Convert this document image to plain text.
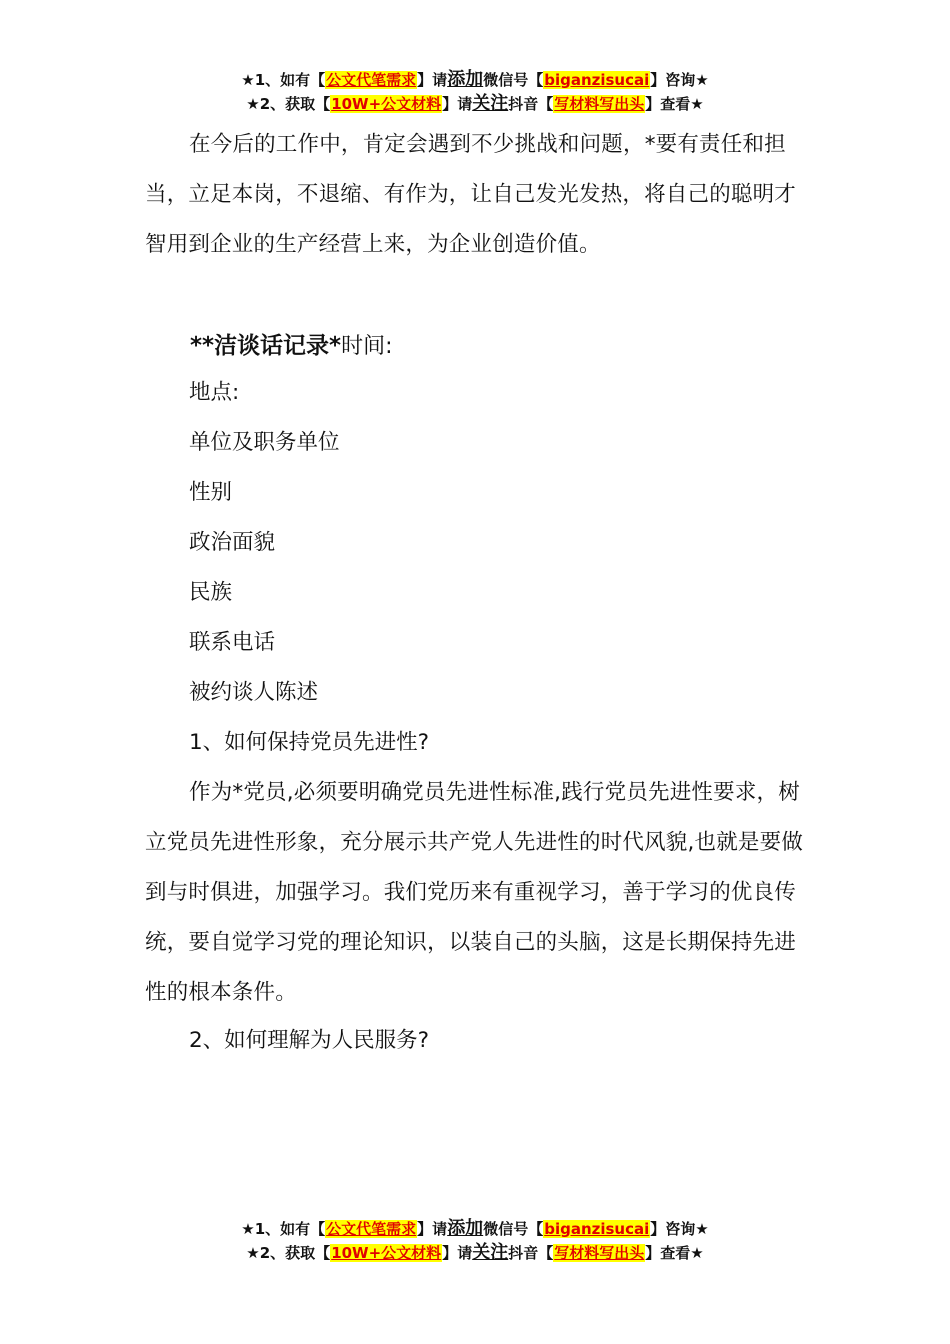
★1、如有【公文代笔需求】请添加微信号【biganzisucai】咨询★
★2、获取【10W+公文材料】请关注抖音【写材料写出头】查看★
在今后的工作中，肯定会遇到不少挑战和问题，*要有责任和担当，立足本岗，不退缩、有作为，让自己发光发热，将自己的聪明才智用到企业的生产经营上来，为企业创造价值。
**洁谈话记录*时间:
地点:
单位及职务单位
性别
政治面貌
民族
联系电话
被约谈人陈述
1、如何保持党员先进性?
作为*党员,必须要明确党员先进性标准,践行党员先进性要求，树立党员先进性形象，充分展示共产党人先进性的时代风貌,也就是要做到与时俱进，加强学习。我们党历来有重视学习，善于学习的优良传统，要自觉学习党的理论知识，以装自己的头脑，这是长期保持先进性的根本条件。
2、如何理解为人民服务?
★1、如有【公文代笔需求】请添加微信号【biganzisucai】咨询★
★2、获取【10W+公文材料】请关注抖音【写材料写出头】查看★
